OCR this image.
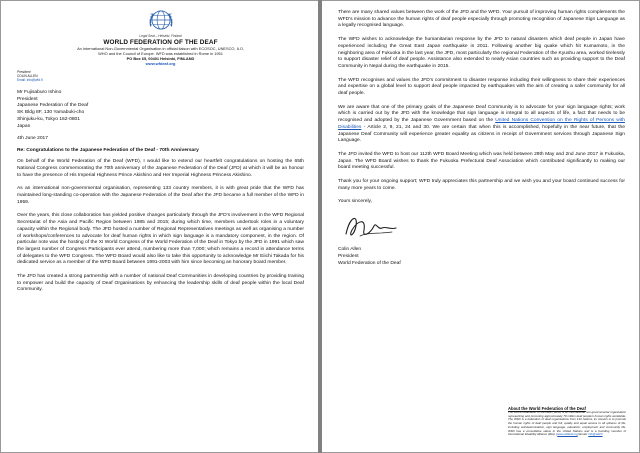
Legal Seat – Helsinki, Finland
WORLD FEDERATION OF THE DEAF
An International Non-Governmental Organisation in official liaison with ECOSOC, UNESCO, ILO,
WHO and the Council of Europe. WFD was established in Rome in 1951
PO Box 65, 00401 Helsinki, FINLAND
www.wfdeaf.org
President
COLIN ALLEN
Email: info@wfd.fi
Mr Fujisaburo Ishino
President
Japanese Federation of the Deaf
SK Bldg 8F, 130 Yamabuki-cho
Shinjuku-ku, Tokyo 162-0801
Japan
4th June 2017
Re: Congratulations to the Japanese Federation of the Deaf - 70th Anniversary

On behalf of the World Federation of the Deaf (WFD), I would like to extend our heartfelt congratulations on hosting the 65th National Congress commemorating the 70th anniversary of the Japanese Federation of the Deaf (JFD) at which it will be an honour to have the presence of His Imperial Highness Prince Akishino and Her Imperial Highness Princess Akishino.

As an international non-governmental organisation, representing 133 country members, it is with great pride that the WFD has maintained long-standing co-operation with the Japanese Federation of the Deaf after the JFD became a full member of the WFD in 1959.

Over the years, this close collaboration has yielded positive changes particularly through the JFD's involvement in the WFD Regional Secretariat of the Asia and Pacific Region between 1985 and 2015; during which time, members undertook roles in a voluntary capacity within the Regional body. The JFD hosted a number of Regional Representatives meetings as well as organising a number of workshops/conferences to advocate for deaf human rights in which sign language is a mandatory component, in the region. Of particular note was the hosting of the XI World Congress of the World Federation of the Deaf in Tokyo by the JFD in 1991 which saw the largest number of Congress Participants ever attend, numbering more than 7,000; which remains a record in attendance terms of delegates to the WFD Congress. The WFD Board would also like to take this opportunity to acknowledge Mr Eiichi Takada for his dedicated service as a member of the WFD Board between 1991-2003 with him since becoming an honorary board member.

The JFD has created a strong partnership with a number of national Deaf Communities in developing countries by providing training to empower and build the capacity of Deaf Organisations by enhancing the leadership skills of deaf people within the local Deaf Community.

There are many shared values between the work of the JFD and the WFD. Your pursuit of improving human rights complements the WFD's mission to advance the human rights of deaf people especially through promoting recognition of Japanese Sign Language as a legally recognised language.

The WFD wishes to acknowledge the humanitarian response by the JFD to natural disasters which deaf people in Japan have experienced including the Great East Japan earthquake in 2011. Following another big quake which hit Kumamoto, in the neighboring area of Fukuoka in the last year, the JFD, most particularly the regional Federation of the Kyushu area, worked tirelessly to support disaster relief of deaf people. Assistance also extended to nearly Asian countries such as providing support to the Deaf Community in Nepal during the earthquake in 2015.

The WFD recognises and values the JFD's commitment to disaster response including their willingness to share their experiences and expertise on a global level to support deaf people impacted by earthquakes with the aim of creating a safer community for all deaf people.

We are aware that one of the primary goals of the Japanese Deaf Community is to advocate for your sign language rights; work which is carried out by the JFD with the knowledge that sign language is integral to all aspects of life, a fact that needs to be recognised and adopted by the Japanese Government based on the United Nations Convention on the Rights of Persons with Disabilities - Article 2, 9, 21, 24 and 30. We are certain that when this is accomplished, hopefully in the near future, that the Japanese Deaf Community will experience greater equality as citizens in receipt of Government services through Japanese Sign Language.

The JFD invited the WFD to host our 112th WFD Board Meeting which was held between 29th May and 2nd June 2017 in Fukuoka, Japan. The WFD Board wishes to thank the Fukuoka Prefectural Deaf Association which contributed significantly to making our board meeting successful.

Thank you for your ongoing support; WFD truly appreciates this partnership and we wish you and your board continued success for many more years to come.

Yours sincerely,

Colin Allen
President
World Federation of the Deaf
About the World Federation of the Deaf
The World Federation of the Deaf (WFD) is an international non-governmental organisation representing and promoting approximately 70 million deaf people's human rights worldwide. The WFD is a federation of deaf organisations from 133 nations; its mission is to promote the human rights of deaf people and full, quality and equal access to all spheres of life, including self-determination, sign language, education, employment and community life. WFD has a consultative status in the United Nations and is a founding member of International Disability Alliance (IDA). (www.wfdeaf.org) Email: info@wfd.fi
